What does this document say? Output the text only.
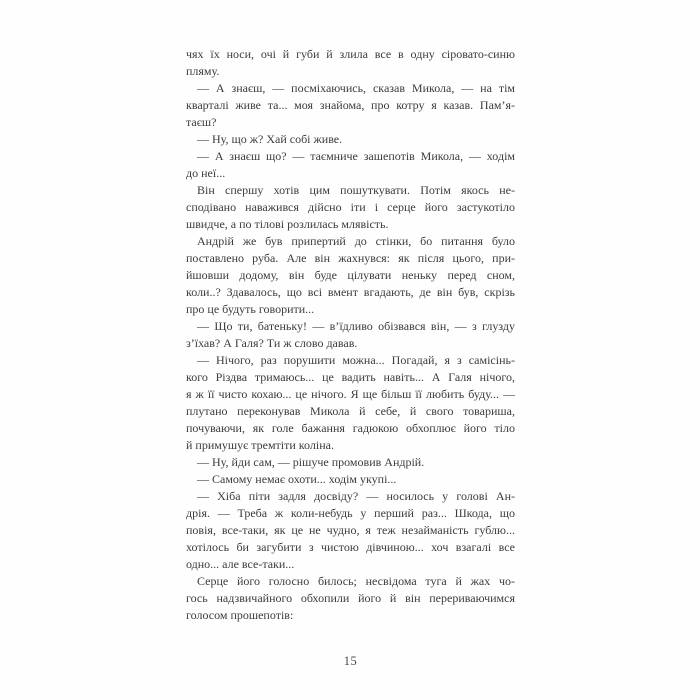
чях їх носи, очі й губи й злила все в одну сіровато-синю
пляму.
— А знаєш, — посміхаючись, сказав Микола, — на тім
кварталі живе та... моя знайома, про котру я казав. Пам’я-
таєш?
— Ну, що ж? Хай собі живе.
— А знаєш що? — таємниче зашепотів Микола, — ходім
до неї...
Він спершу хотів цим пошуткувати. Потім якось не-
сподівано наважився дійсно іти і серце його застукотіло
швидче, а по тілові розлилась млявість.
Андрій же був припертий до стінки, бо питання було
поставлено руба. Але він жахнувся: як після цього, при-
йшовши додому, він буде цілувати неньку перед сном,
коли..? Здавалось, що всі вмент вгадають, де він був, скрізь
про це будуть говорити...
— Що ти, батеньку! — в’їдливо обізвався він, — з глузду
з’їхав? А Галя? Ти ж слово давав.
— Нічого, раз порушити можна... Погадай, я з самісінь-
кого Різдва тримаюсь... це вадить навіть... А Галя нічого,
я ж її чисто кохаю... це нічого. Я ще більш її любить буду... —
плутано переконував Микола й себе, й свого товариша,
почуваючи, як голе бажання гадюкою обхоплює його тіло
й примушує тремтіти коліна.
— Ну, йди сам, — рішуче промовив Андрій.
— Самому немає охоти... ходім укупі...
— Хіба піти задля досвіду? — носилось у голові Ан-
дрія. — Треба ж коли-небудь у перший раз... Шкода, що
повія, все-таки, як це не чудно, я теж незайманість гублю...
хотілось би загубити з чистою дівчиною... хоч взагалі все
одно... але все-таки...
Серце його голосно билось; несвідома туга й жах чо-
гось надзвичайного обхопили його й він перериваючимся
голосом прошепотів:
15
